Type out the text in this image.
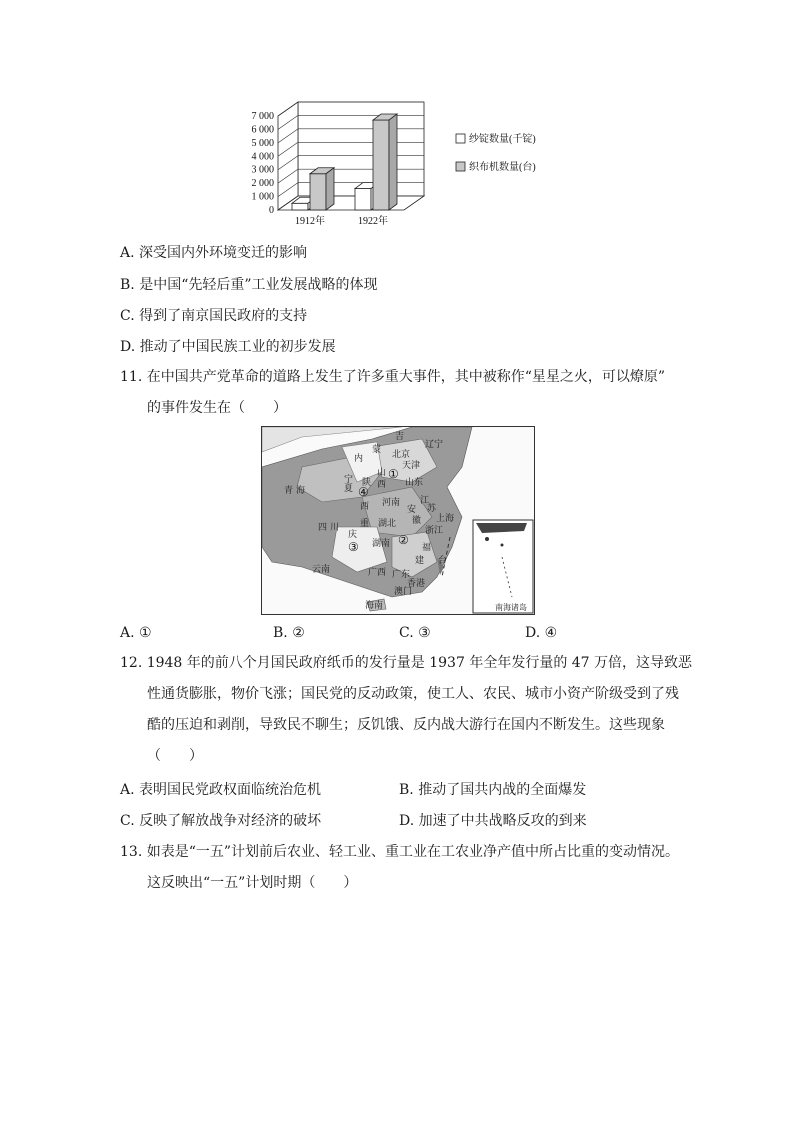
0
1 000
2 000
3 000
4 000
5 000
6 000
7 000
1912年	1922年
纱锭数量(千锭)
织布机数量(台)
A. 深受国内外环境变迁的影响
B. 是中国“先轻后重”工业发展战略的体现
C. 得到了南京国民政府的支持
D. 推动了中国民族工业的初步发展
11. 在中国共产党革命的道路上发生了许多重大事件，其中被称作“星星之火，可以燎原”
的事件发生在（　　）
吉
辽宁
蒙 北京
内
天津
山
西 山东
宁
夏
陕
西
青 海
河南 江
苏
安
上海
徽
四 川
庆
湖北
浙江
湖南	福
建 台
云南	广西 广东
香港
澳门
海南	南海诸岛
重
①
②
③
④
A. ①	B. ②	C. ③	D. ④
12. 1948 年的前八个月国民政府纸币的发行量是 1937 年全年发行量的 47 万倍，这导致恶
性通货膨胀，物价飞涨；国民党的反动政策，使工人、农民、城市小资产阶级受到了残
酷的压迫和剥削，导致民不聊生；反饥饿、反内战大游行在国内不断发生。这些现象
（　　）
A. 表明国民党政权面临统治危机	B. 推动了国共内战的全面爆发
C. 反映了解放战争对经济的破坏	D. 加速了中共战略反攻的到来
13. 如表是“一五”计划前后农业、轻工业、重工业在工农业净产值中所占比重的变动情况。
这反映出“一五”计划时期（　　）
